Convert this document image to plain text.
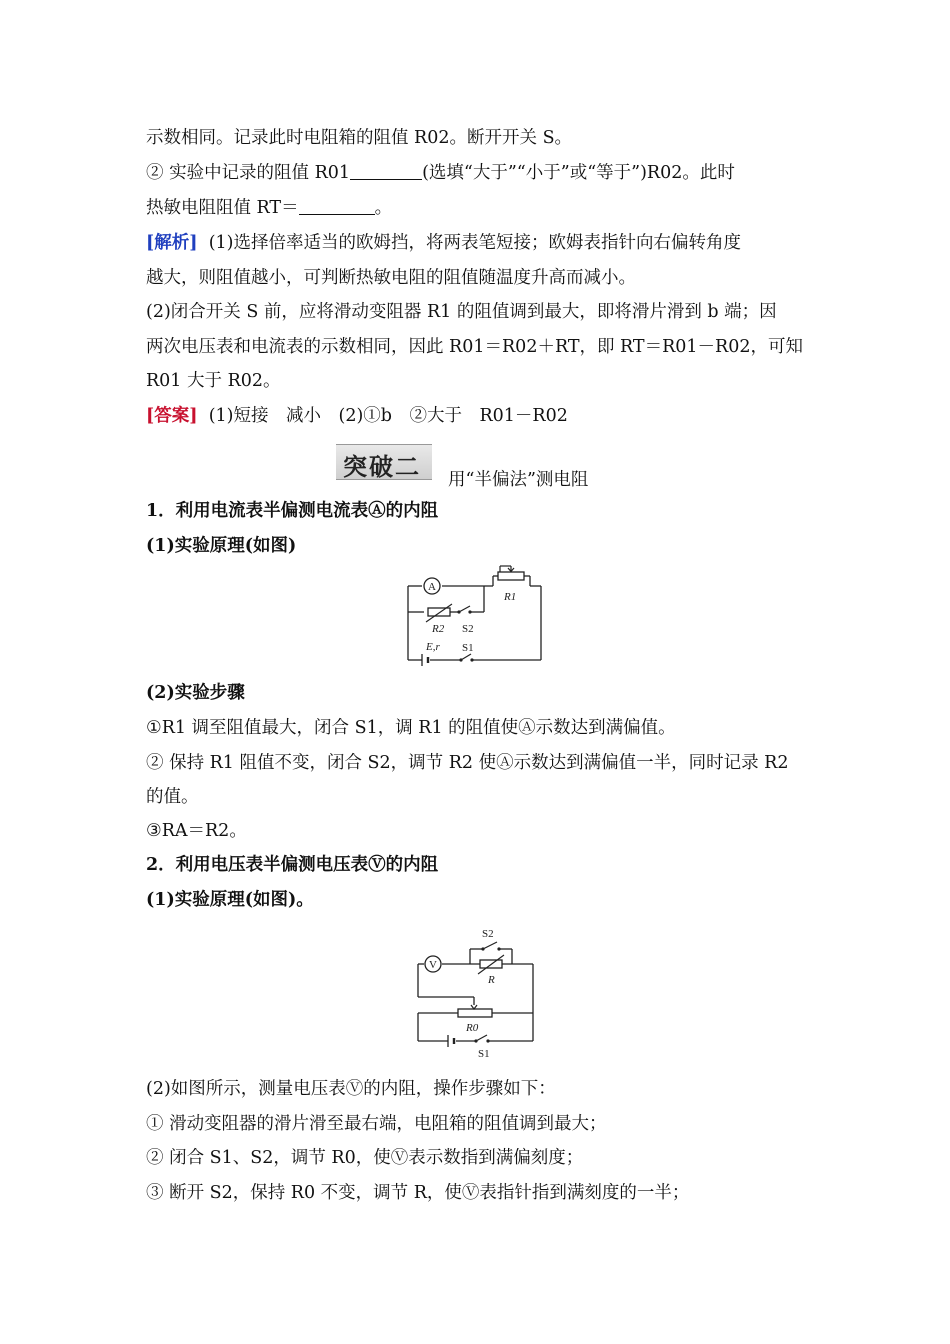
示数相同。记录此时电阻箱的阻值 R02。断开开关 S。
② 实验中记录的阻值 R01	(选填“大于”“小于”或“等于”)R02。此时
热敏电阻阻值 RT＝	。
[解析] (1)选择倍率适当的欧姆挡，将两表笔短接；欧姆表指针向右偏转角度
越大，则阻值越小，可判断热敏电阻的阻值随温度升高而减小。
(2)闭合开关 S 前，应将滑动变阻器 R1 的阻值调到最大，即将滑片滑到 b 端；因
两次电压表和电流表的示数相同，因此 R01＝R02＋RT，即 RT＝R01－R02，可知
R01 大于 R02。
[答案] (1)短接　减小　(2)①b　②大于　R01－R02
突破二 用“半偏法”测电阻
1．利用电流表半偏测电流表Ⓐ的内阻
(1)实验原理(如图)
A
R1
R2 S2
E,r S1
(2)实验步骤
①R1 调至阻值最大，闭合 S1，调 R1 的阻值使Ⓐ示数达到满偏值。
② 保持 R1 阻值不变，闭合 S2，调节 R2 使Ⓐ示数达到满偏值一半，同时记录 R2
的值。
③RA＝R2。
2．利用电压表半偏测电压表Ⓥ的内阻
(1)实验原理(如图)。
S2
V
R
R0
S1
(2)如图所示，测量电压表Ⓥ的内阻，操作步骤如下：
① 滑动变阻器的滑片滑至最右端，电阻箱的阻值调到最大；
② 闭合 S1、S2，调节 R0，使Ⓥ表示数指到满偏刻度；
③ 断开 S2，保持 R0 不变，调节 R，使Ⓥ表指针指到满刻度的一半；
